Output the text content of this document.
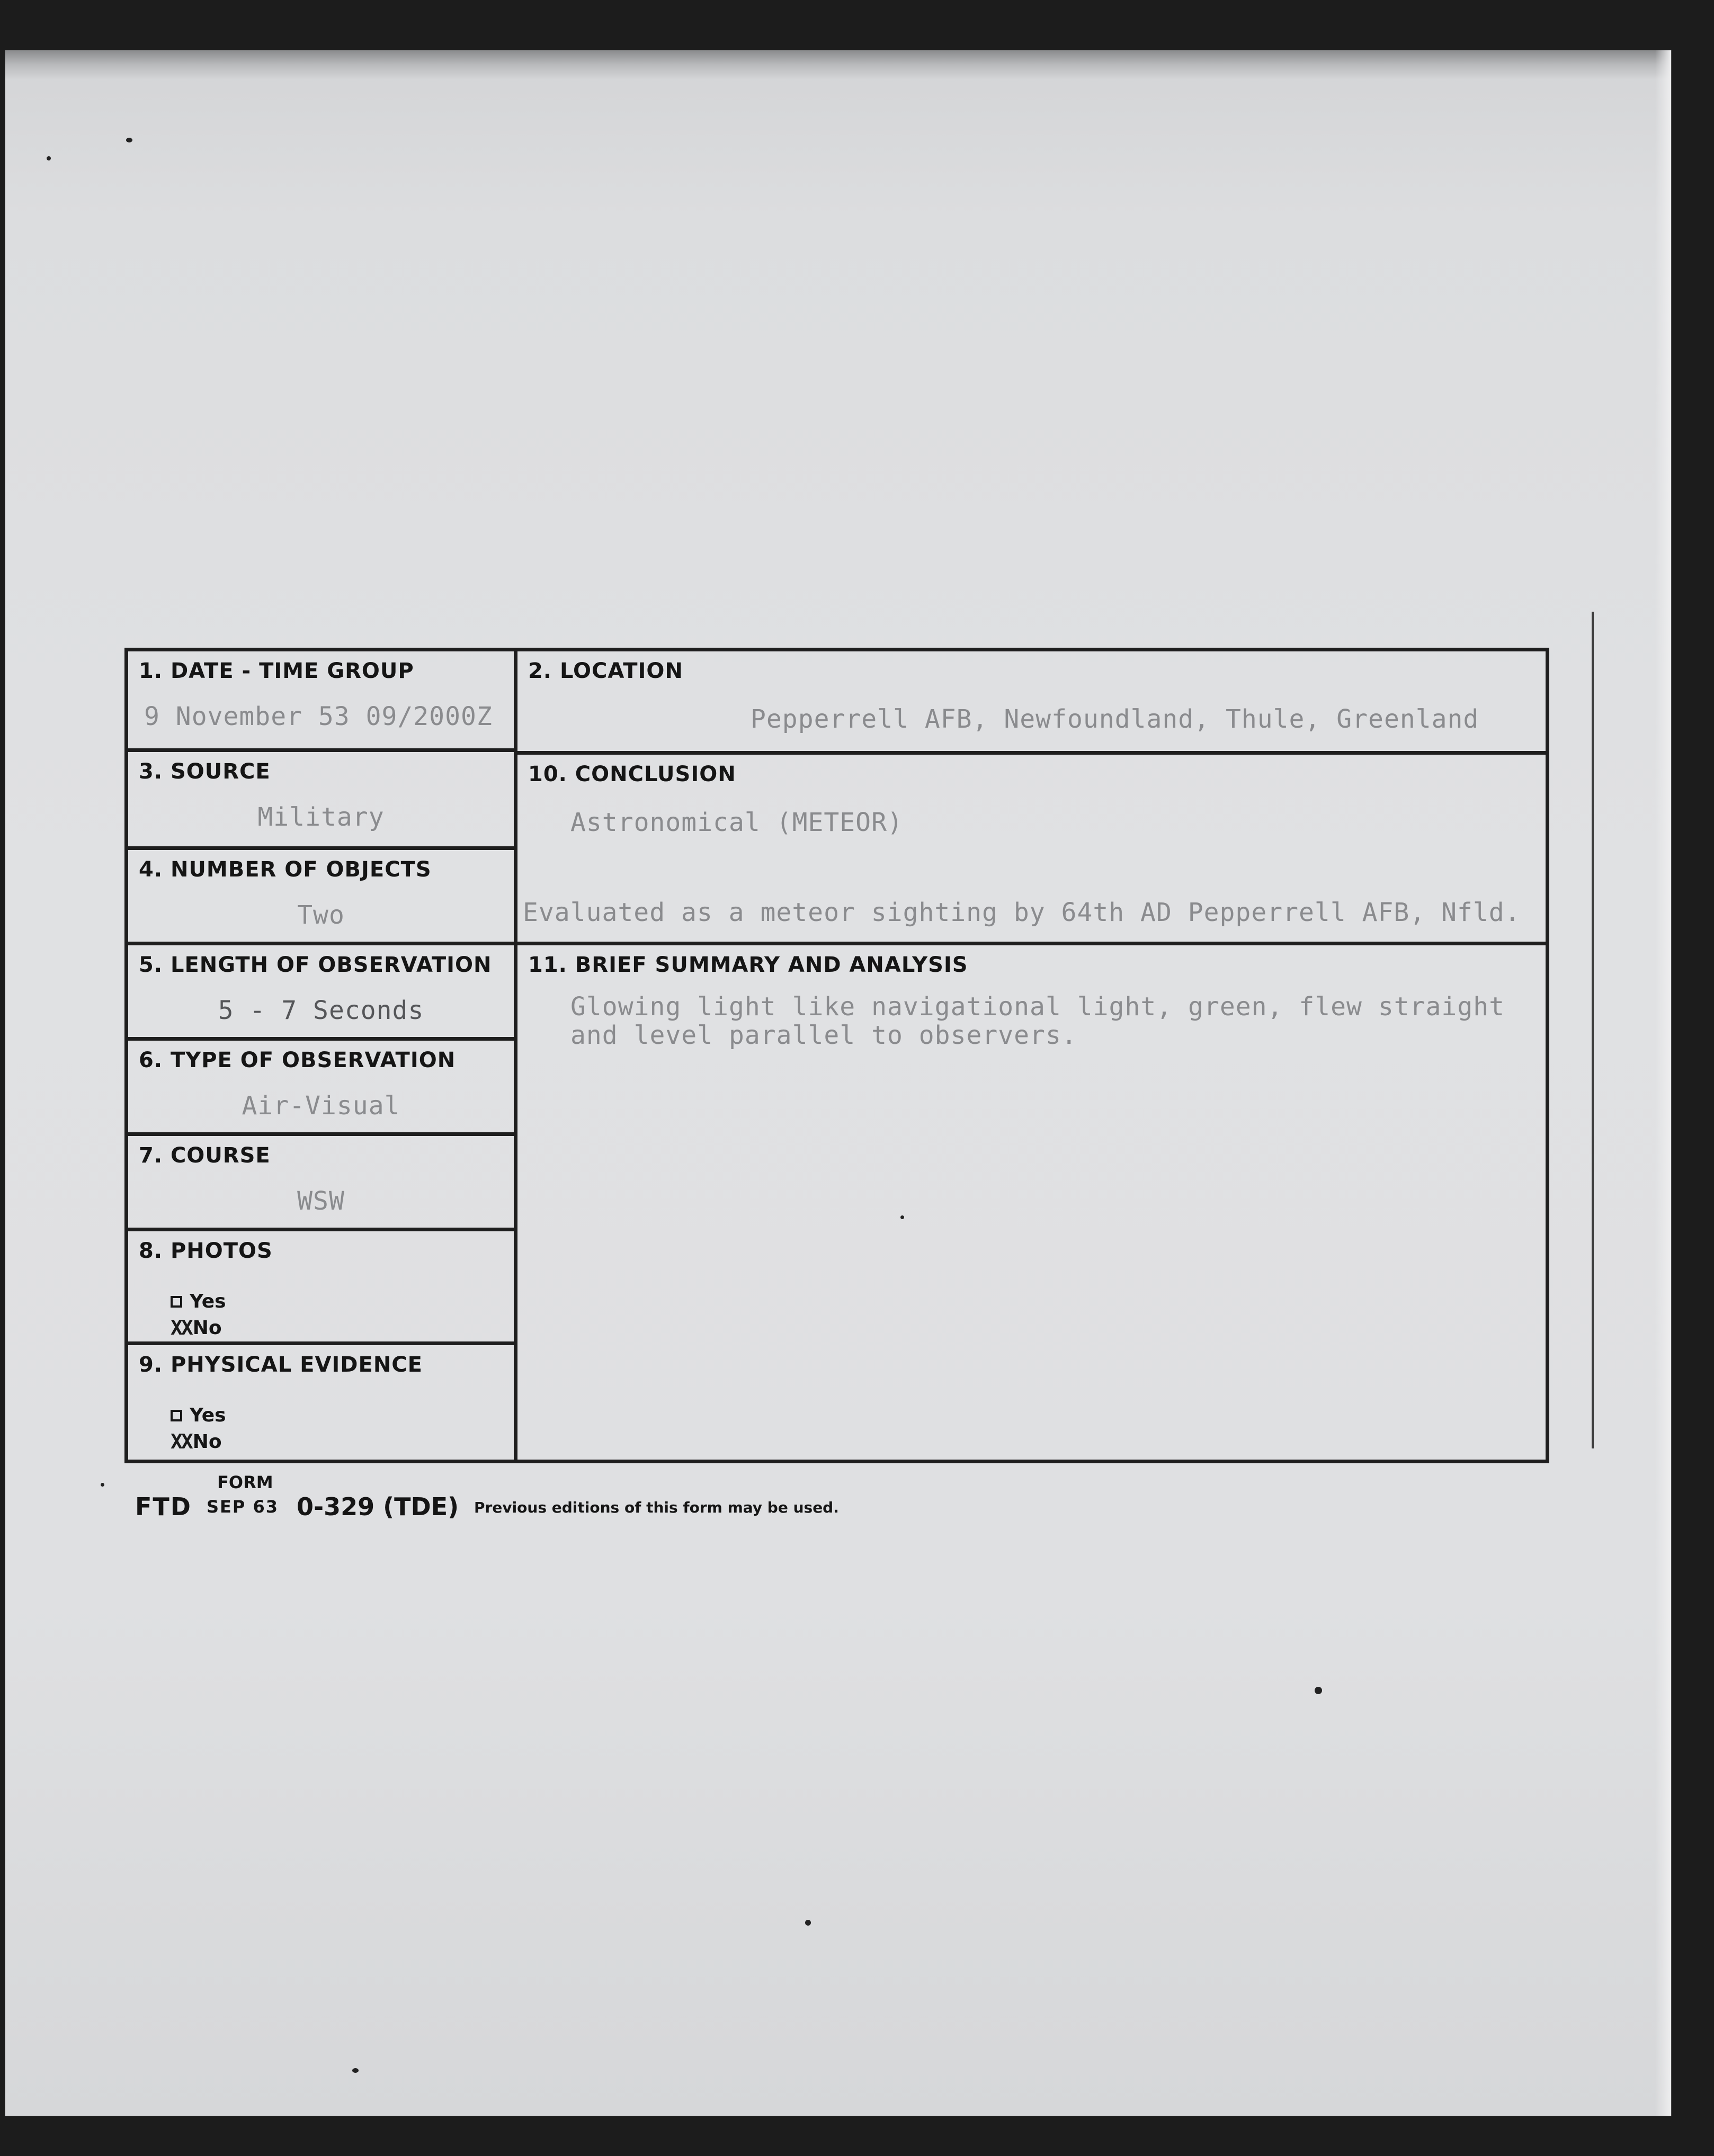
1. DATE - TIME GROUP
9 November 53 09/2000Z
3. SOURCE
Military
4. NUMBER OF OBJECTS
Two
5. LENGTH OF OBSERVATION
5 - 7 Seconds
6. TYPE OF OBSERVATION
Air-Visual
7. COURSE
WSW
8. PHOTOS
Yes
XX No
9. PHYSICAL EVIDENCE
Yes
XX No
2. LOCATION
Pepperrell AFB, Newfoundland, Thule, Greenland
10. CONCLUSION
Astronomical (METEOR)
Evaluated as a meteor sighting by 64th AD Pepperrell AFB, Nfld.
11. BRIEF SUMMARY AND ANALYSIS
Glowing light like navigational light, green, flew straight
and level parallel to observers.
FORM
FTD SEP 63 0-329 (TDE) Previous editions of this form may be used.
